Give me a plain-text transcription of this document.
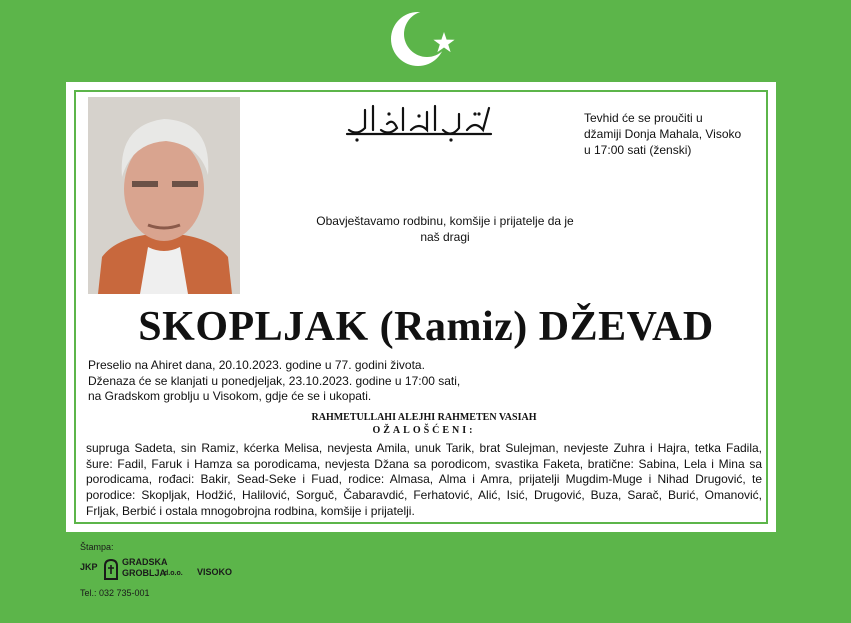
Tevhid će se proučiti u
džamiji Donja Mahala, Visoko
u 17:00 sati (ženski)
Obavještavamo rodbinu, komšije i prijatelje da je
naš dragi
SKOPLJAK (Ramiz) DŽEVAD
Preselio na Ahiret dana, 20.10.2023. godine u 77. godini života.
Dženaza će se klanjati u ponedjeljak, 23.10.2023. godine u 17:00 sati,
na Gradskom groblju u Visokom, gdje će se i ukopati.
RAHMETULLAHI ALEJHI RAHMETEN VASIAH
OŽALOŠĆENI:
supruga Sadeta, sin Ramiz, kćerka Melisa, nevjesta Amila, unuk Tarik, brat Sulejman, nevjeste Zuhra i Hajra, tetka Fadila, šure: Fadil, Faruk i Hamza sa porodicama, nevjesta Džana sa porodicom, svastika Faketa, bratične: Sabina, Lela i Mina sa porodicama, rođaci: Bakir, Sead-Seke i Fuad, rodice: Almasa, Alma i Amra, prijatelji Mugdim-Muge i Nihad Drugović, te porodice: Skopljak, Hodžić, Halilović, Sorguč, Čabaravdić, Ferhatović, Alić, Isić, Drugović, Buza, Sarač, Burić, Omanović, Frljak, Berbić i ostala mnogobrojna rodbina, komšije i prijatelji.
Štampa:
JKP	GRADSKA
GROBLJA
d.o.o. VISOKO
Tel.: 032 735-001
